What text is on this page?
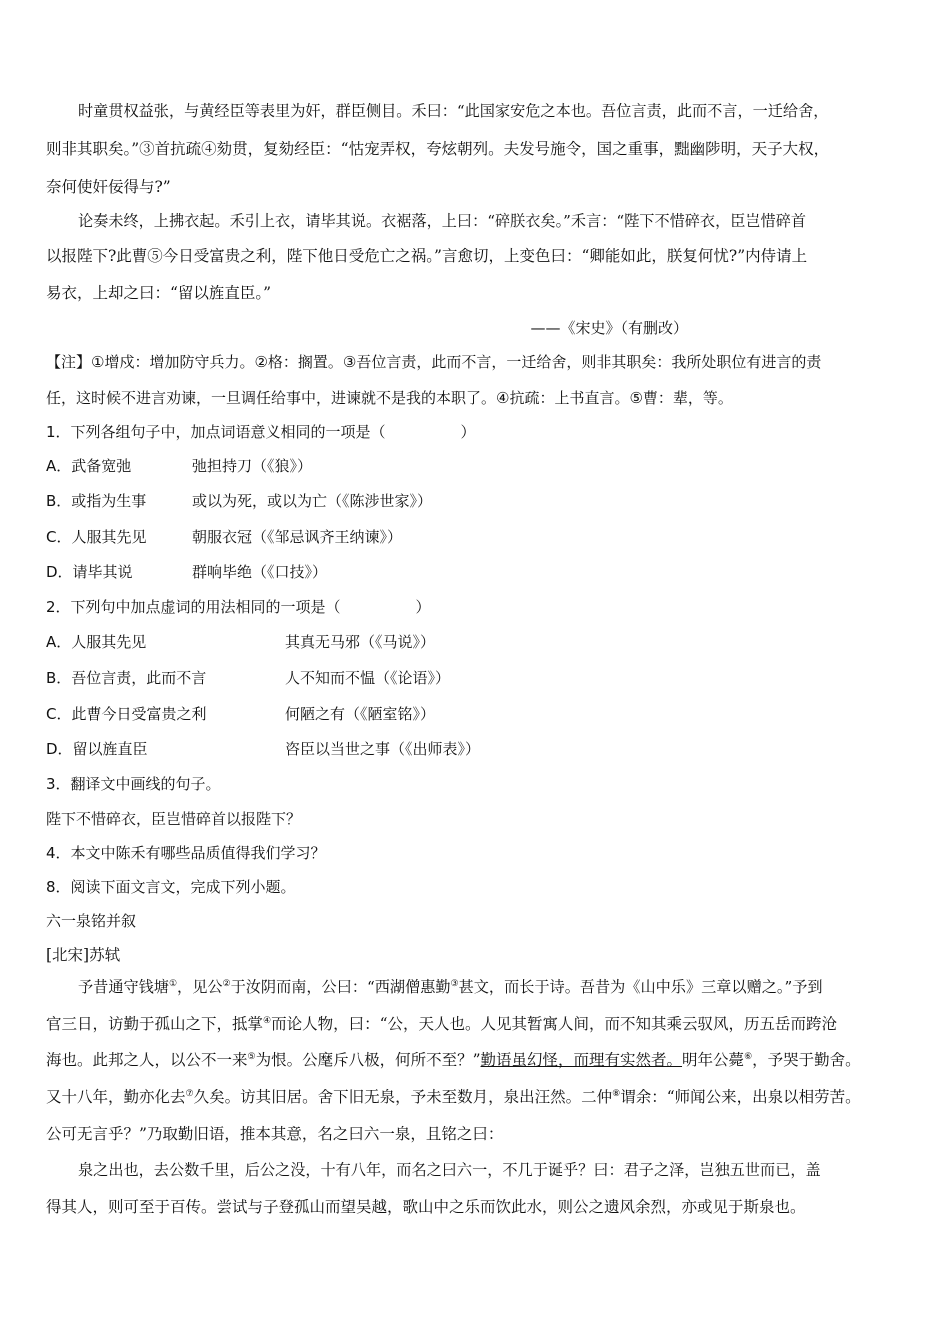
时童贯权益张，与黄经臣等表里为奸，群臣侧目。禾曰：“此国家安危之本也。吾位言责，此而不言，一迁给舍，
则非其职矣。”③首抗疏④劾贯，复劾经臣：“怙宠弄权，夸炫朝列。夫发号施令，国之重事，黜幽陟明，天子大权，
奈何使奸佞得与?”
论奏未终，上拂衣起。禾引上衣，请毕其说。衣裾落，上曰：“碎朕衣矣。”禾言：“陛下不惜碎衣，臣岂惜碎首
以报陛下?此曹⑤今日受富贵之利，陛下他日受危亡之祸。”言愈切，上变色曰：“卿能如此，朕复何忧?”内侍请上
易衣，上却之曰：“留以旌直臣。”
——《宋史》（有删改）
【注】①增戍：增加防守兵力。②格：搁置。③吾位言责，此而不言，一迁给舍，则非其职矣：我所处职位有进言的责
任，这时候不进言劝谏，一旦调任给事中，进谏就不是我的本职了。④抗疏：上书直言。⑤曹：辈，等。
1．下列各组句子中，加点词语意义相同的一项是（　　　　　）
A．武备宽弛	弛担持刀（《狼》）
B．或指为生事	或以为死，或以为亡（《陈涉世家》）
C．人服其先见	朝服衣冠（《邹忌讽齐王纳谏》）
D．请毕其说	群响毕绝（《口技》）
2．下列句中加点虚词的用法相同的一项是（　　　　　）
A．人服其先见	其真无马邪（《马说》）
B．吾位言责，此而不言	人不知而不愠（《论语》）
C．此曹今日受富贵之利	何陋之有（《陋室铭》）
D．留以旌直臣	咨臣以当世之事（《出师表》）
3．翻译文中画线的句子。
陛下不惜碎衣，臣岂惜碎首以报陛下？
4．本文中陈禾有哪些品质值得我们学习？
8．阅读下面文言文，完成下列小题。
六一泉铭并叙
[北宋]苏轼
予昔通守钱塘①，见公②于汝阴而南，公曰：“西湖僧惠勤③甚文，而长于诗。吾昔为《山中乐》三章以赠之。”予到
官三日，访勤于孤山之下，抵掌④而论人物，曰：“公，天人也。人见其暂寓人间，而不知其乘云驭风，历五岳而跨沧
海也。此邦之人，以公不一来⑤为恨。公麾斥八极，何所不至？”勤语虽幻怪，而理有实然者。明年公薨⑥，予哭于勤舍。
又十八年，勤亦化去⑦久矣。访其旧居。舍下旧无泉，予未至数月，泉出汪然。二仲⑧谓余：“师闻公来，出泉以相劳苦。
公可无言乎？”乃取勤旧语，推本其意，名之曰六一泉，且铭之曰：
泉之出也，去公数千里，后公之没，十有八年，而名之曰六一，不几于诞乎？曰：君子之泽，岂独五世而已，盖
得其人，则可至于百传。尝试与子登孤山而望吴越，歌山中之乐而饮此水，则公之遗风余烈，亦或见于斯泉也。
